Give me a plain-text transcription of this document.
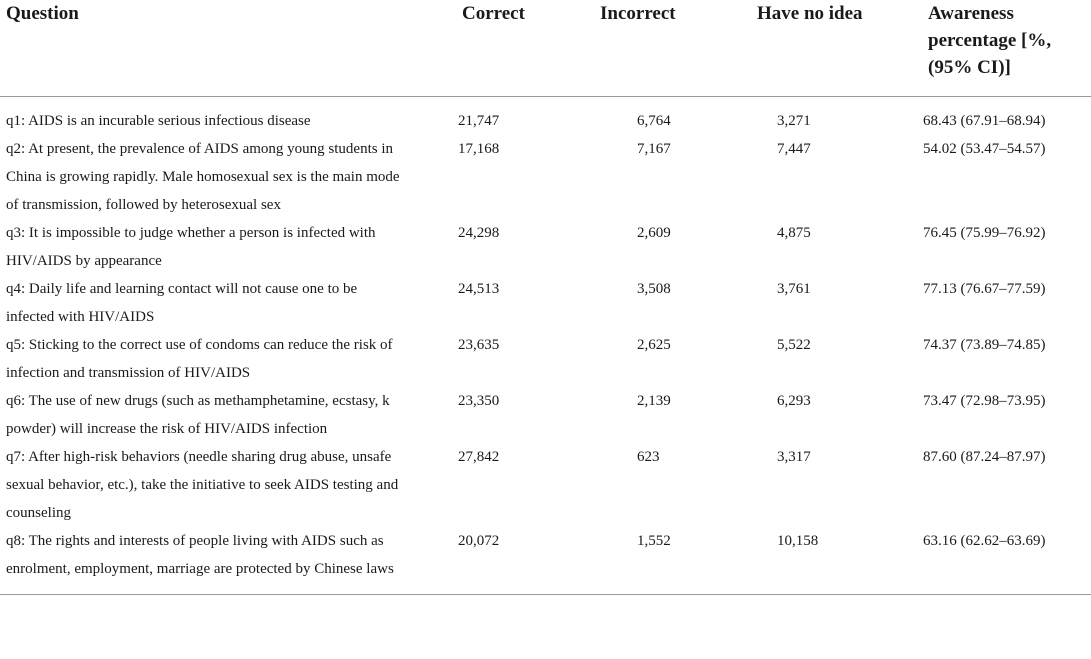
Question	Correct	Incorrect	Have no idea	Awareness
percentage [%,
(95% CI)]
q1: AIDS is an incurable serious infectious disease	21,747	6,764	3,271	68.43 (67.91–68.94)
q2: At present, the prevalence of AIDS among young students in China is growing rapidly. Male homosexual sex is the main mode of transmission, followed by heterosexual sex	17,168	7,167	7,447	54.02 (53.47–54.57)
q3: It is impossible to judge whether a person is infected with HIV/AIDS by appearance	24,298	2,609	4,875	76.45 (75.99–76.92)
q4: Daily life and learning contact will not cause one to be infected with HIV/AIDS	24,513	3,508	3,761	77.13 (76.67–77.59)
q5: Sticking to the correct use of condoms can reduce the risk of infection and transmission of HIV/AIDS	23,635	2,625	5,522	74.37 (73.89–74.85)
q6: The use of new drugs (such as methamphetamine, ecstasy, k powder) will increase the risk of HIV/AIDS infection	23,350	2,139	6,293	73.47 (72.98–73.95)
q7: After high-risk behaviors (needle sharing drug abuse, unsafe sexual behavior, etc.), take the initiative to seek AIDS testing and counseling	27,842	623	3,317	87.60 (87.24–87.97)
q8: The rights and interests of people living with AIDS such as enrolment, employment, marriage are protected by Chinese laws	20,072	1,552	10,158	63.16 (62.62–63.69)
